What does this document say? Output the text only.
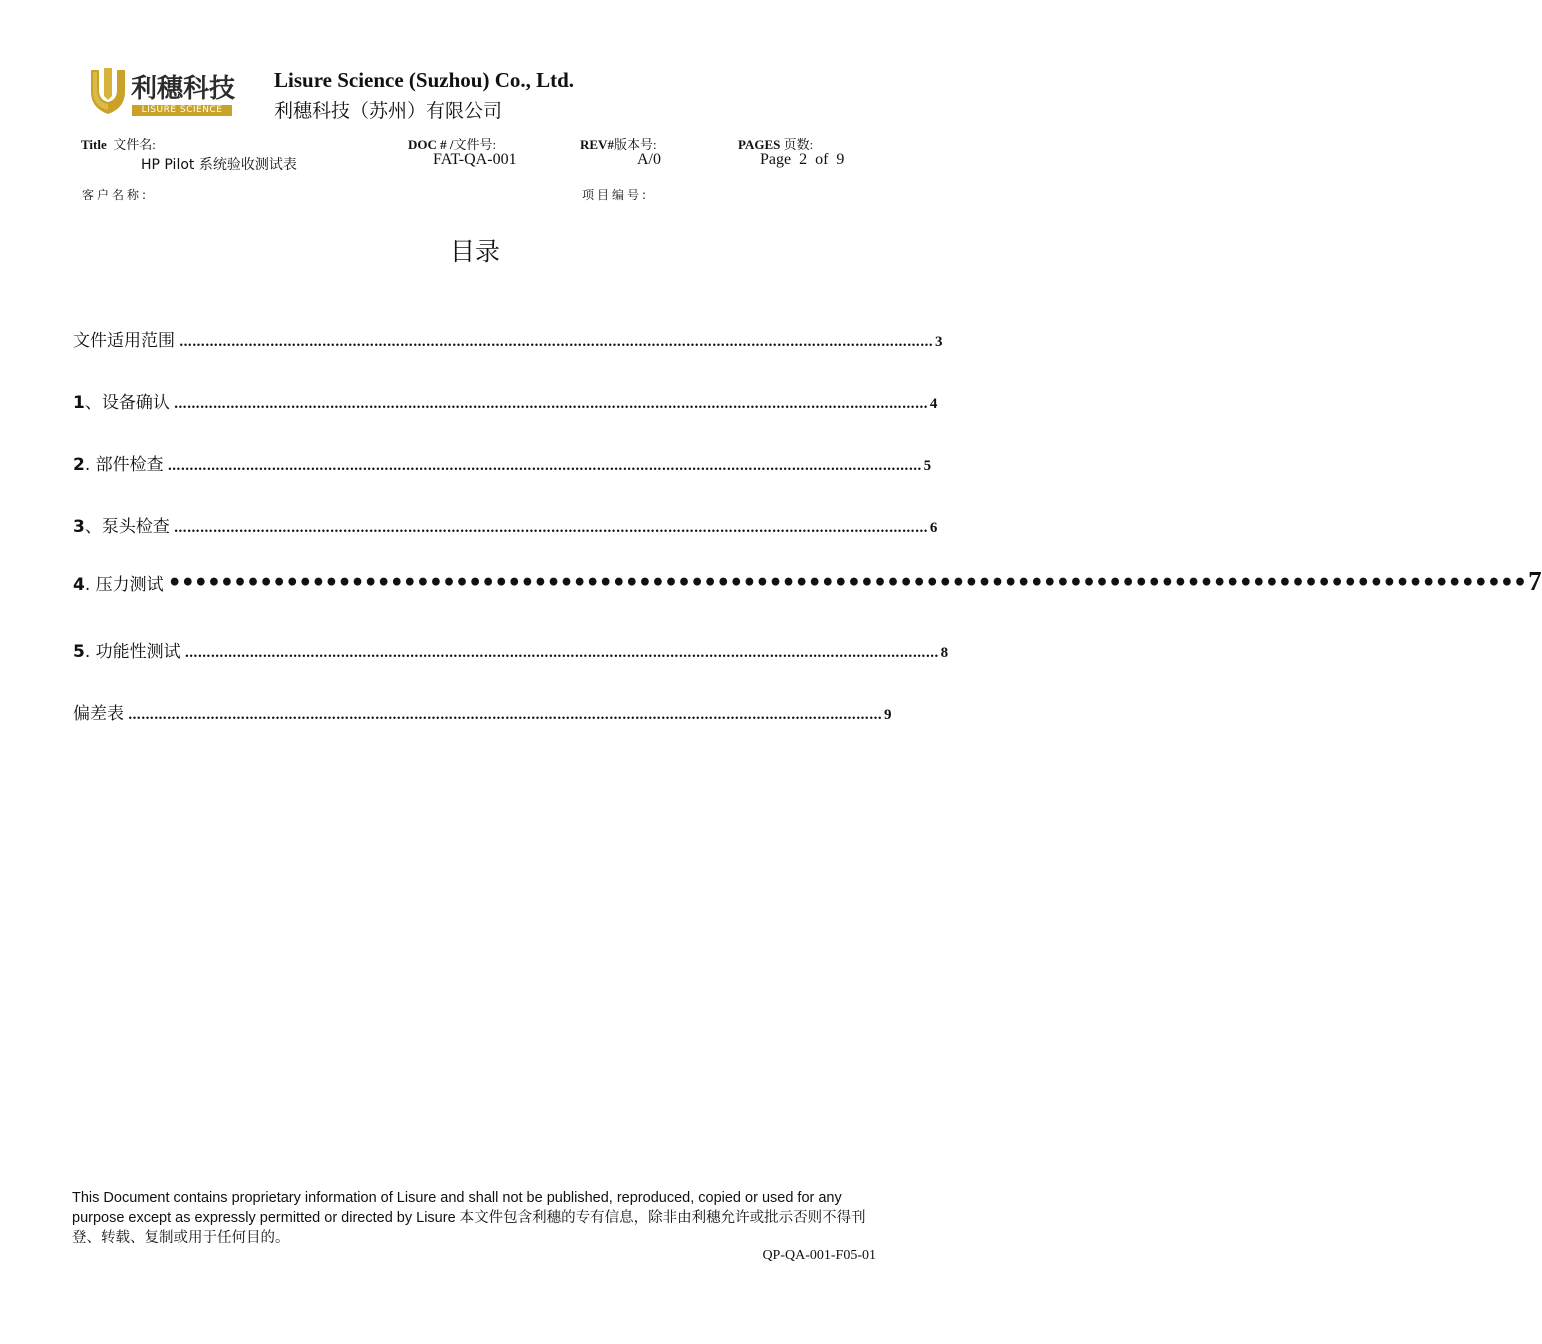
利穗科技
LISURE SCIENCE
Lisure Science (Suzhou) Co., Ltd.
利穗科技（苏州）有限公司
Title 文件名:
HP Pilot 系统验收测试表
DOC # /文件号:
FAT-QA-001
REV#版本号:
A/0
PAGES 页数:
Page  2  of  9
客户名称:	项目编号:
目录
文件适用范围 ………………………………………………………………………………………………………………………………………………………… 3
1、设备确认 ………………………………………………………………………………………………………………………………………………………… 4
2. 部件检查 ………………………………………………………………………………………………………………………………………………………… 5
3、泵头检查 ………………………………………………………………………………………………………………………………………………………… 6
4. 压力测试 •••••••••••••••••••••••••••••••••••••••••••••••••••••••••••••••••••••••••••••••••••••••••••••••••••••••• 7
5. 功能性测试 ………………………………………………………………………………………………………………………………………………………… 8
偏差表 ………………………………………………………………………………………………………………………………………………………… 9
This Document contains proprietary information of Lisure and shall not be published, reproduced, copied or used for any purpose except as expressly permitted or directed by Lisure 本文件包含利穗的专有信息，除非由利穗允许或批示否则不得刊登、转载、复制或用于任何目的。
QP-QA-001-F05-01
